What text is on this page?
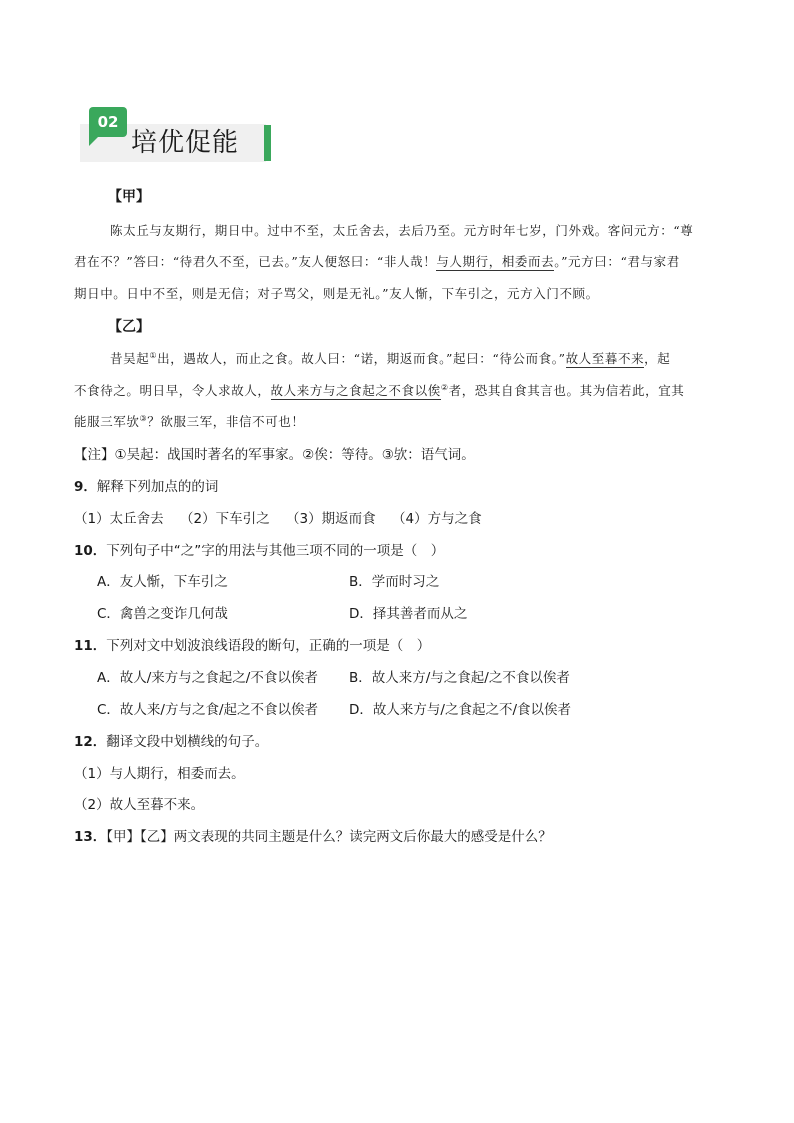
02
培优促能
【甲】
陈太丘与友期行，期日中。过中不至，太丘舍去，去后乃至。元方时年七岁，门外戏。客问元方：“尊
君在不？”答曰：“待君久不至，已去。”友人便怒曰：“非人哉！与人期行，相委而去。”元方曰：“君与家君
期日中。日中不至，则是无信；对子骂父，则是无礼。”友人惭，下车引之，元方入门不顾。
【乙】
昔吴起①出，遇故人，而止之食。故人曰：“诺，期返而食。”起曰：“待公而食。”故人至暮不来，起
不食待之。明日早，令人求故人，故人来方与之食起之不食以俟②者，恐其自食其言也。其为信若此，宜其
能服三军欤③？欲服三军，非信不可也！
【注】①吴起：战国时著名的军事家。②俟：等待。③欤：语气词。
9．解释下列加点的的词
（1）太丘舍去 （2）下车引之 （3）期返而食 （4）方与之食
10．下列句子中“之”字的用法与其他三项不同的一项是（　）
A．友人惭，下车引之	B．学而时习之
C．禽兽之变诈几何哉	D．择其善者而从之
11．下列对文中划波浪线语段的断句，正确的一项是（　）
A．故人/来方与之食起之/不食以俟者 B．故人来方/与之食起/之不食以俟者
C．故人来/方与之食/起之不食以俟者 D．故人来方与/之食起之不/食以俟者
12．翻译文段中划横线的句子。
（1）与人期行，相委而去。
（2）故人至暮不来。
13．【甲】【乙】两文表现的共同主题是什么？读完两文后你最大的感受是什么？
